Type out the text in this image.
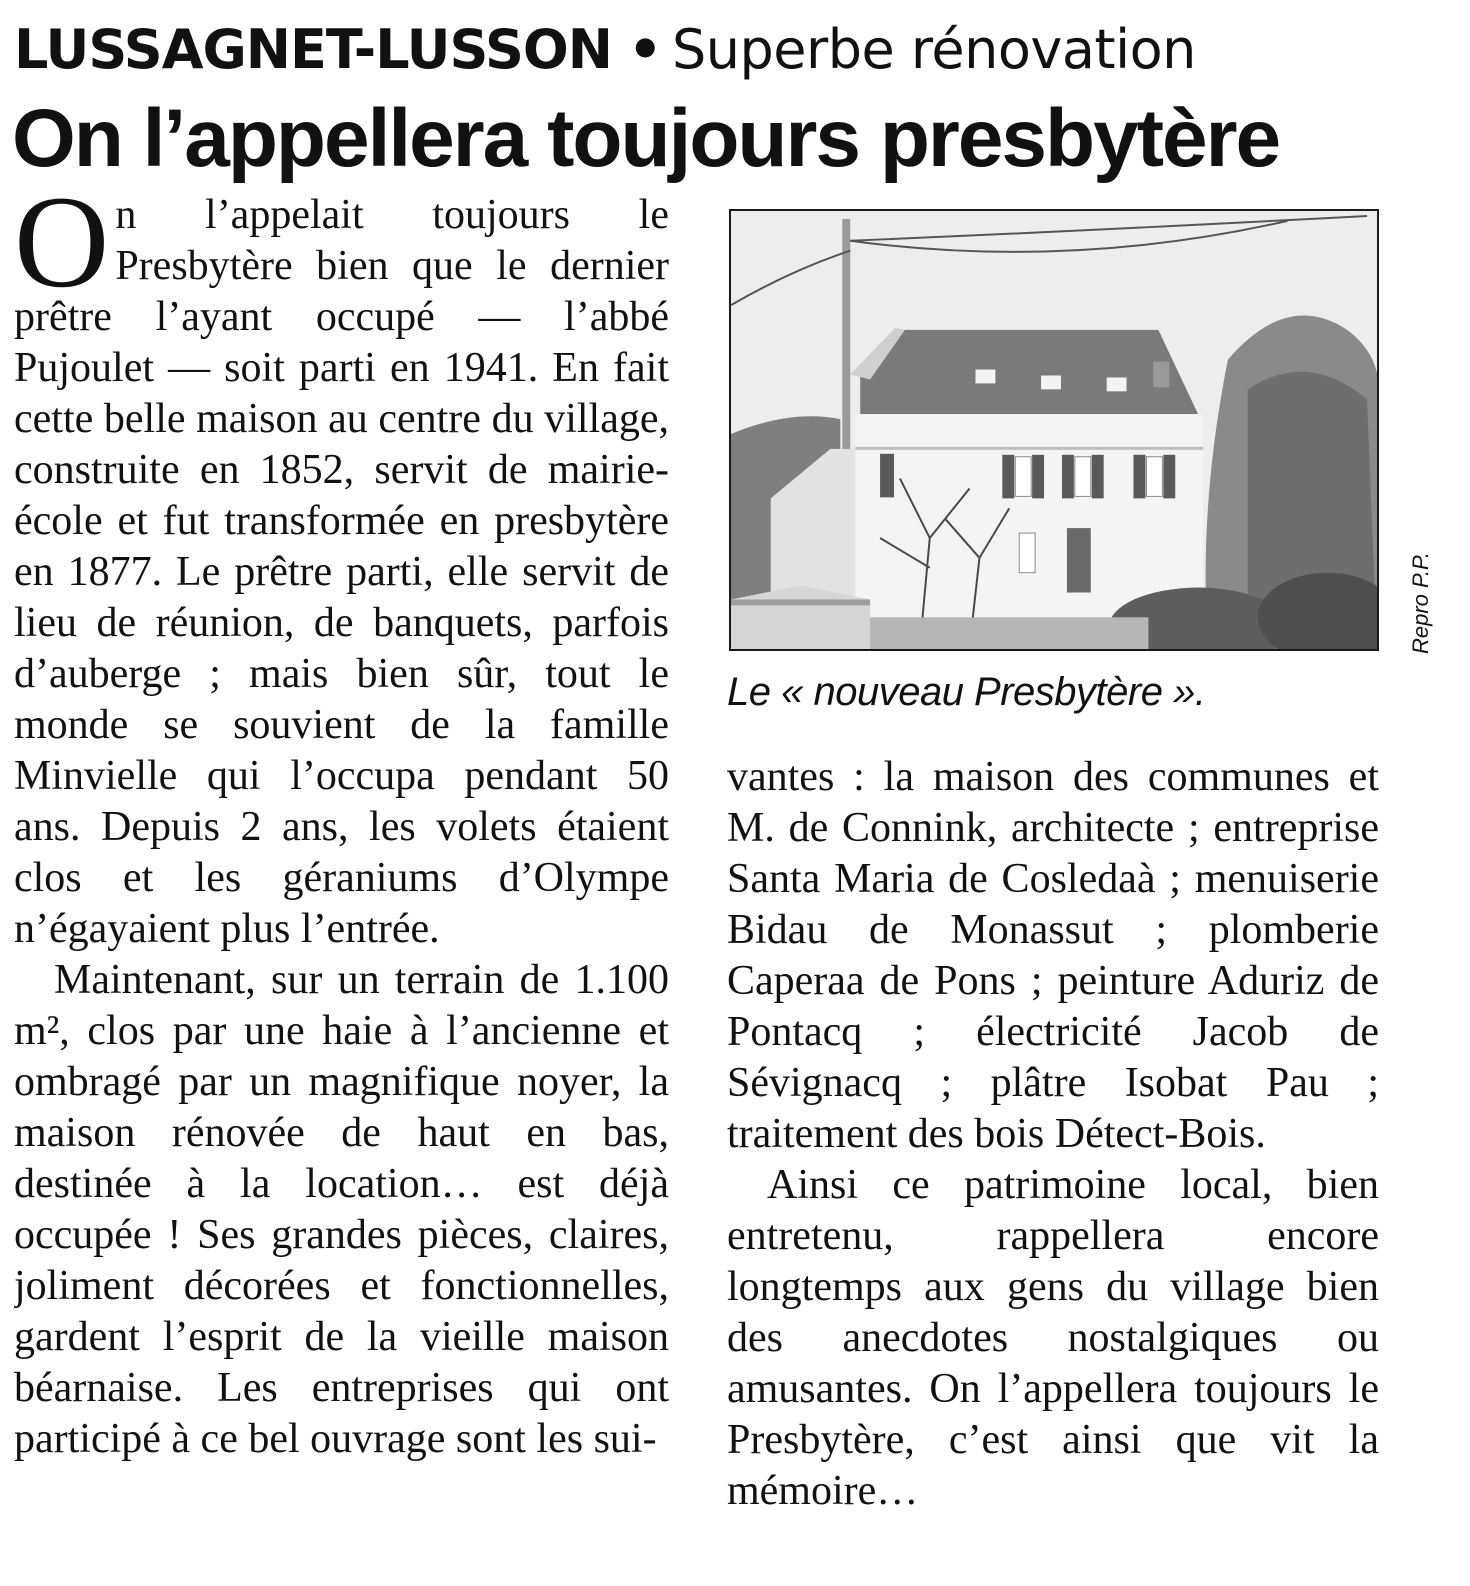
LUSSAGNET-LUSSON • Superbe rénovation
On l’appellera toujours presbytère

On l’appelait toujours le Presbytère bien que le dernier prêtre l’ayant occupé — l’abbé Pujoulet — soit parti en 1941. En fait cette belle maison au centre du village, construite en 1852, servit de mairie-école et fut transformée en presbytère en 1877. Le prêtre parti, elle servit de lieu de réunion, de banquets, parfois d’auberge ; mais bien sûr, tout le monde se souvient de la famille Minvielle qui l’occupa pendant 50 ans. Depuis 2 ans, les volets étaient clos et les géraniums d’Olympe n’égayaient plus l’entrée.

Maintenant, sur un terrain de 1.100 m², clos par une haie à l’ancienne et ombragé par un magnifique noyer, la maison rénovée de haut en bas, destinée à la location… est déjà occupée ! Ses grandes pièces, claires, joliment décorées et fonctionnelles, gardent l’esprit de la vieille maison béarnaise. Les entreprises qui ont participé à ce bel ouvrage sont les sui-

Repro P.P.
Le « nouveau Presbytère ».

vantes : la maison des communes et M. de Connink, architecte ; entreprise Santa Maria de Cosledaà ; menuiserie Bidau de Monassut ; plomberie Caperaa de Pons ; peinture Aduriz de Pontacq ; électricité Jacob de Sévignacq ; plâtre Isobat Pau ; traitement des bois Détect-Bois.

Ainsi ce patrimoine local, bien entretenu, rappellera encore longtemps aux gens du village bien des anecdotes nostalgiques ou amusantes. On l’appellera toujours le Presbytère, c’est ainsi que vit la mémoire…
